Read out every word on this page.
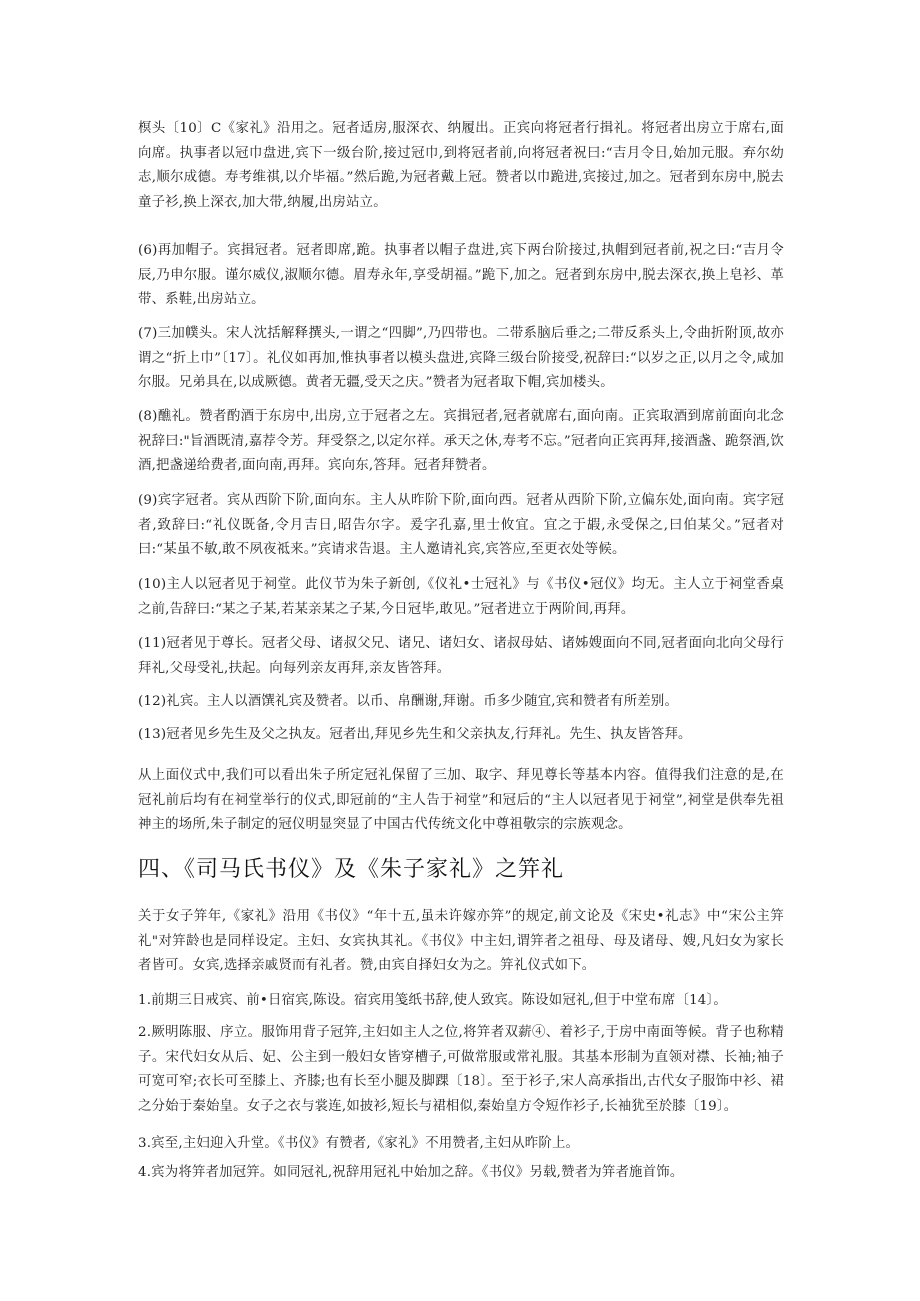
榠头〔10〕C《家礼》沿用之。冠者适房,服深衣、纳履出。正宾向将冠者行揖礼。将冠者出房立于席右,面向席。执事者以冠巾盘进,宾下一级台阶,接过冠巾,到将冠者前,向将冠者祝曰:“吉月令日,始加元服。弃尔幼志,顺尔成德。寿考维祺,以介毕福。”然后跪,为冠者戴上冠。赞者以巾跪进,宾接过,加之。冠者到东房中,脱去童子衫,换上深衣,加大带,纳履,出房站立。

(6)再加帽子。宾揖冠者。冠者即席,跪。执事者以帽子盘进,宾下两台阶接过,执帽到冠者前,祝之曰:“吉月令辰,乃申尔服。谨尔威仪,淑顺尔德。眉寿永年,享受胡福。”跪下,加之。冠者到东房中,脱去深衣,换上皂衫、革带、系鞋,出房站立。

(7)三加幞头。宋人沈括解释撰头,一谓之“四脚”,乃四带也。二带系脑后垂之;二带反系头上,令曲折附顶,故亦谓之“折上巾”〔17〕。礼仪如再加,惟执事者以模头盘进,宾降三级台阶接受,祝辞曰:“以岁之正,以月之令,咸加尔服。兄弟具在,以成厥德。黄者无疆,受天之庆。”赞者为冠者取下帽,宾加楼头。

(8)醮礼。赞者酌酒于东房中,出房,立于冠者之左。宾揖冠者,冠者就席右,面向南。正宾取酒到席前面向北念祝辞曰:"旨酒既清,嘉荐令芳。拜受祭之,以定尔祥。承天之休,寿考不忘。”冠者向正宾再拜,接酒盏、跪祭酒,饮酒,把盏递给费者,面向南,再拜。宾向东,答拜。冠者拜赞者。

(9)宾字冠者。宾从西阶下阶,面向东。主人从昨阶下阶,面向西。冠者从西阶下阶,立偏东处,面向南。宾字冠者,致辞曰:“礼仪既备,令月吉日,昭告尔字。爰字孔嘉,里士攸宜。宜之于嘏,永受保之,曰伯某父。”冠者对曰:“某虽不敏,敢不夙夜祗来。”宾请求告退。主人邀请礼宾,宾答应,至更衣处等候。

(10)主人以冠者见于祠堂。此仪节为朱子新创,《仪礼•士冠礼》与《书仪•冠仪》均无。主人立于祠堂香桌之前,告辞曰:“某之子某,若某亲某之子某,今日冠毕,敢见。”冠者进立于两阶间,再拜。

(11)冠者见于尊长。冠者父母、诸叔父兄、诸兄、诸妇女、诸叔母姑、诸姊嫂面向不同,冠者面向北向父母行拜礼,父母受礼,扶起。向每列亲友再拜,亲友皆答拜。

(12)礼宾。主人以酒馔礼宾及赞者。以币、帛酬谢,拜谢。币多少随宜,宾和赞者有所差别。

(13)冠者见乡先生及父之执友。冠者出,拜见乡先生和父亲执友,行拜礼。先生、执友皆答拜。

从上面仪式中,我们可以看出朱子所定冠礼保留了三加、取字、拜见尊长等基本内容。值得我们注意的是,在冠礼前后均有在祠堂举行的仪式,即冠前的“主人告于祠堂”和冠后的“主人以冠者见于祠堂”,祠堂是供奉先祖神主的场所,朱子制定的冠仪明显突显了中国古代传统文化中尊祖敬宗的宗族观念。

四、《司马氏书仪》及《朱子家礼》之笄礼

关于女子笄年,《家礼》沿用《书仪》“年十五,虽未许嫁亦笄”的规定,前文论及《宋史•礼志》中“宋公主笄礼"对笄龄也是同样设定。主妇、女宾执其礼。《书仪》中主妇,谓笄者之祖母、母及诸母、嫂,凡妇女为家长者皆可。女宾,选择亲戚贤而有礼者。赞,由宾自择妇女为之。笄礼仪式如下。

1.前期三日戒宾、前•日宿宾,陈设。宿宾用笺纸书辞,使人致宾。陈设如冠礼,但于中堂布席〔14〕。

2.厥明陈服、序立。服饰用背子冠笄,主妇如主人之位,将笄者双薪④、着衫子,于房中南面等候。背子也称精子。宋代妇女从后、妃、公主到一般妇女皆穿槽子,可做常服或常礼服。其基本形制为直领对襟、长袖;袖子可宽可窄;衣长可至膝上、齐膝;也有长至小腿及脚踝〔18〕。至于衫子,宋人高承指出,古代女子服饰中衫、裙之分始于秦始皇。女子之衣与裳连,如披衫,短长与裙相似,秦始皇方令短作衫子,长袖犹至於膝〔19〕。

3.宾至,主妇迎入升堂。《书仪》有赞者,《家礼》不用赞者,主妇从昨阶上。

4.宾为将笄者加冠笄。如同冠礼,祝辞用冠礼中始加之辞。《书仪》另载,赞者为笄者施首饰。
